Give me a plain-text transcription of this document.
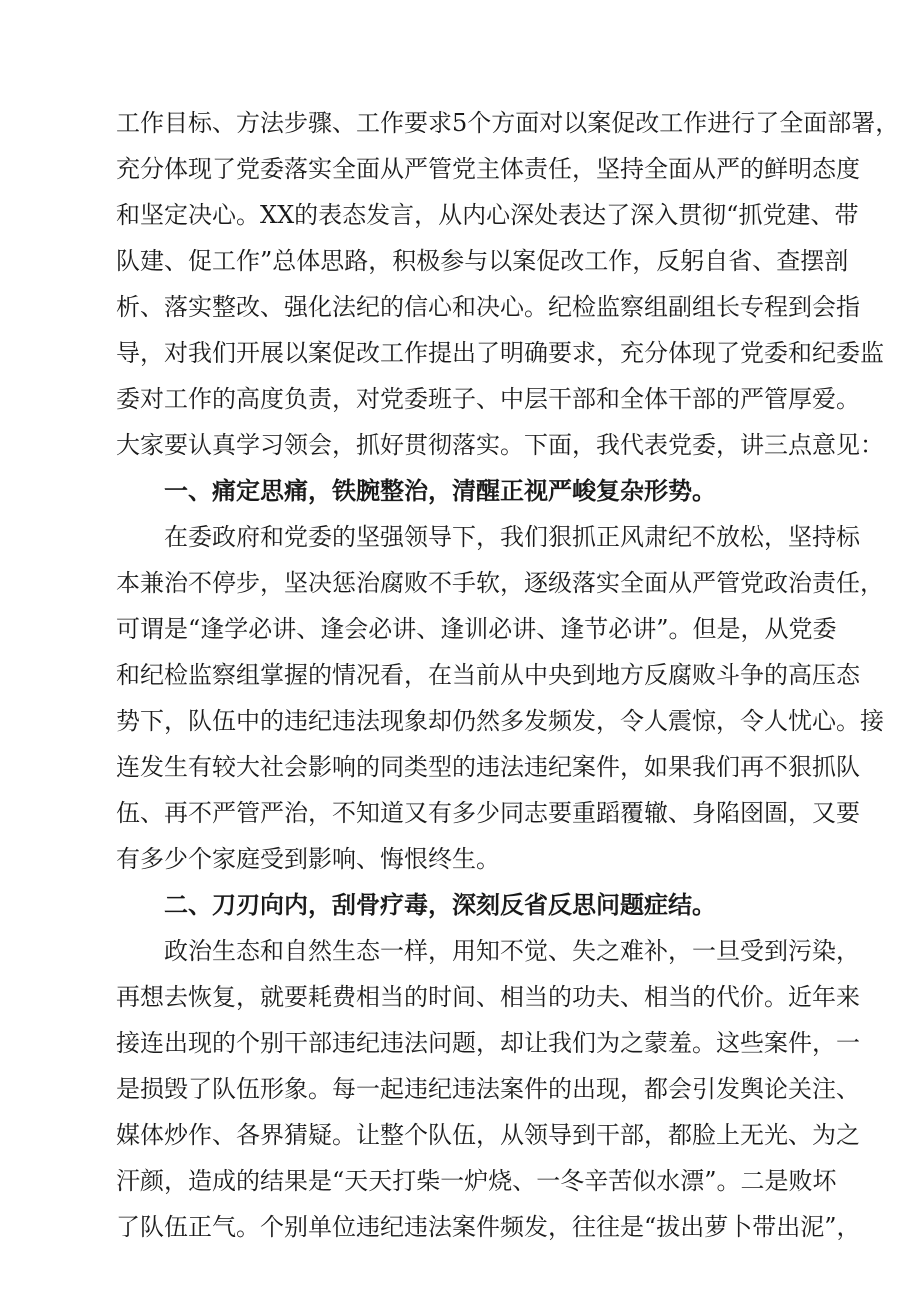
工作目标、方法步骤、工作要求5个方面对以案促改工作进行了全面部署，
充分体现了党委落实全面从严管党主体责任，坚持全面从严的鲜明态度
和坚定决心。XX的表态发言，从内心深处表达了深入贯彻“抓党建、带
队建、促工作”总体思路，积极参与以案促改工作，反躬自省、查摆剖
析、落实整改、强化法纪的信心和决心。纪检监察组副组长专程到会指
导，对我们开展以案促改工作提出了明确要求，充分体现了党委和纪委监
委对工作的高度负责，对党委班子、中层干部和全体干部的严管厚爱。
大家要认真学习领会，抓好贯彻落实。下面，我代表党委，讲三点意见：
一、痛定思痛，铁腕整治，清醒正视严峻复杂形势。
在委政府和党委的坚强领导下，我们狠抓正风肃纪不放松，坚持标
本兼治不停步，坚决惩治腐败不手软，逐级落实全面从严管党政治责任，
可谓是“逢学必讲、逢会必讲、逢训必讲、逢节必讲”。但是，从党委
和纪检监察组掌握的情况看，在当前从中央到地方反腐败斗争的高压态
势下，队伍中的违纪违法现象却仍然多发频发，令人震惊，令人忧心。接
连发生有较大社会影响的同类型的违法违纪案件，如果我们再不狠抓队
伍、再不严管严治，不知道又有多少同志要重蹈覆辙、身陷囹圄，又要
有多少个家庭受到影响、悔恨终生。
二、刀刃向内，刮骨疗毒，深刻反省反思问题症结。
政治生态和自然生态一样，用知不觉、失之难补，一旦受到污染，
再想去恢复，就要耗费相当的时间、相当的功夫、相当的代价。近年来
接连出现的个别干部违纪违法问题，却让我们为之蒙羞。这些案件，一
是损毁了队伍形象。每一起违纪违法案件的出现，都会引发舆论关注、
媒体炒作、各界猜疑。让整个队伍，从领导到干部，都脸上无光、为之
汗颜，造成的结果是“天天打柴一炉烧、一冬辛苦似水漂”。二是败坏
了队伍正气。个别单位违纪违法案件频发，往往是“拔出萝卜带出泥”，
